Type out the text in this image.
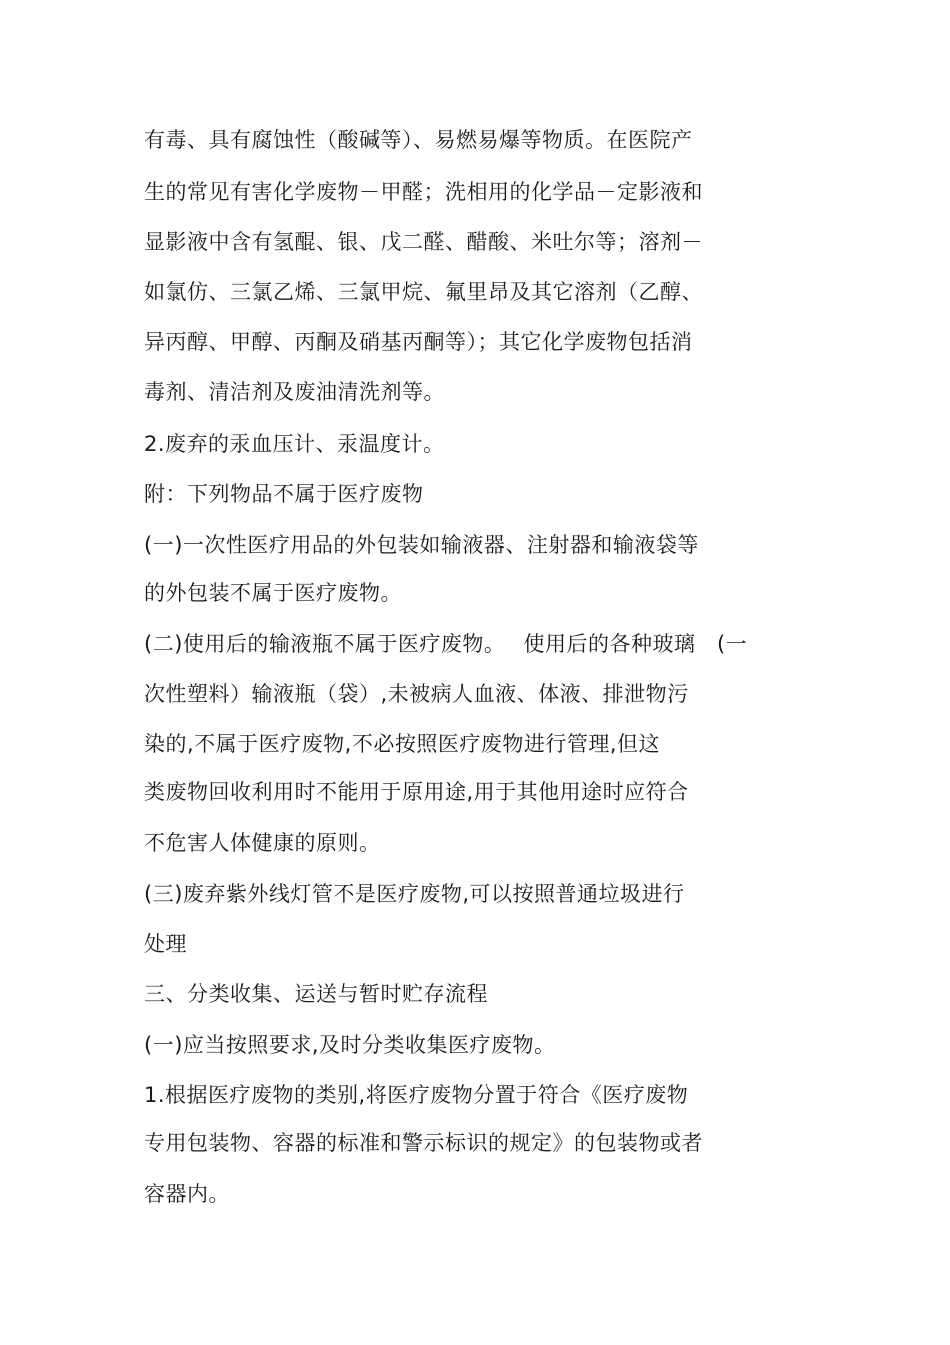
有毒、具有腐蚀性（酸碱等）、易燃易爆等物质。在医院产
生的常见有害化学废物－甲醛；洗相用的化学品－定影液和
显影液中含有氢醌、银、戊二醛、醋酸、米吐尔等；溶剂－
如氯仿、三氯乙烯、三氯甲烷、氟里昂及其它溶剂（乙醇、
异丙醇、甲醇、丙酮及硝基丙酮等）；其它化学废物包括消
毒剂、清洁剂及废油清洗剂等。
2.废弃的汞血压计、汞温度计。
附：下列物品不属于医疗废物
(一)一次性医疗用品的外包装如输液器、注射器和输液袋等
的外包装不属于医疗废物。
(二)使用后的输液瓶不属于医疗废物。　 使用后的各种玻璃　(一
次性塑料）输液瓶（袋）,未被病人血液、体液、排泄物污
染的,不属于医疗废物,不必按照医疗废物进行管理,但这
类废物回收利用时不能用于原用途,用于其他用途时应符合
不危害人体健康的原则。
(三)废弃紫外线灯管不是医疗废物,可以按照普通垃圾进行
处理
三、分类收集、运送与暂时贮存流程
(一)应当按照要求,及时分类收集医疗废物。
1.根据医疗废物的类别,将医疗废物分置于符合《医疗废物
专用包装物、容器的标准和警示标识的规定》的包装物或者
容器内。
